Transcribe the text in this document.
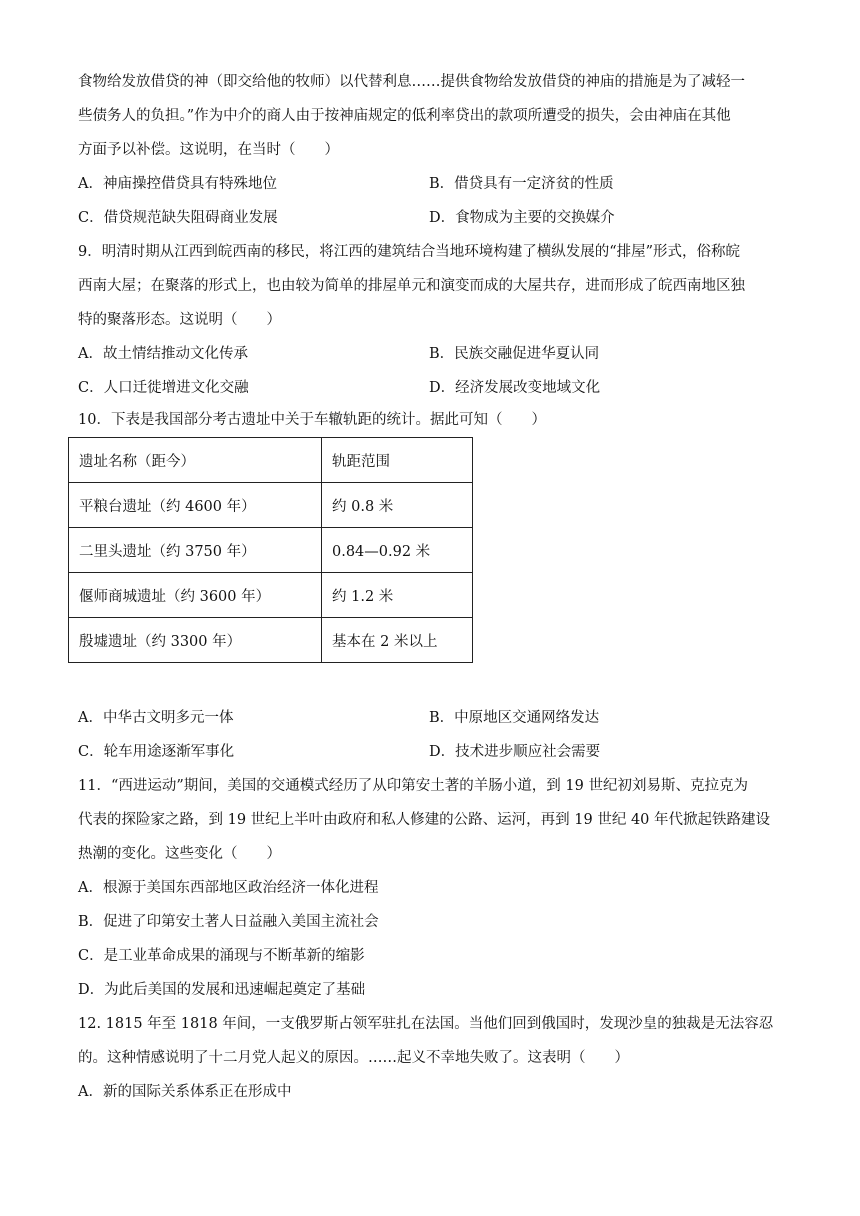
食物给发放借贷的神（即交给他的牧师）以代替利息……提供食物给发放借贷的神庙的措施是为了减轻一
些债务人的负担。”作为中介的商人由于按神庙规定的低利率贷出的款项所遭受的损失，会由神庙在其他
方面予以补偿。这说明，在当时（　　）
A．神庙操控借贷具有特殊地位	B．借贷具有一定济贫的性质
C．借贷规范缺失阻碍商业发展	D．食物成为主要的交换媒介
9．明清时期从江西到皖西南的移民，将江西的建筑结合当地环境构建了横纵发展的“排屋”形式，俗称皖
西南大屋；在聚落的形式上，也由较为简单的排屋单元和演变而成的大屋共存，进而形成了皖西南地区独
特的聚落形态。这说明（　　）
A．故土情结推动文化传承	B．民族交融促进华夏认同
C．人口迁徙增进文化交融	D．经济发展改变地域文化
10．下表是我国部分考古遗址中关于车辙轨距的统计。据此可知（　　）
遗址名称（距今）	轨距范围
平粮台遗址（约 4600 年）	约 0.8 米
二里头遗址（约 3750 年）	0.84—0.92 米
偃师商城遗址（约 3600 年）	约 1.2 米
殷墟遗址（约 3300 年）	基本在 2 米以上
A．中华古文明多元一体	B．中原地区交通网络发达
C．轮车用途逐渐军事化	D．技术进步顺应社会需要
11．“西进运动”期间，美国的交通模式经历了从印第安土著的羊肠小道，到 19 世纪初刘易斯、克拉克为
代表的探险家之路，到 19 世纪上半叶由政府和私人修建的公路、运河，再到 19 世纪 40 年代掀起铁路建设
热潮的变化。这些变化（　　）
A．根源于美国东西部地区政治经济一体化进程
B．促进了印第安土著人日益融入美国主流社会
C．是工业革命成果的涌现与不断革新的缩影
D．为此后美国的发展和迅速崛起奠定了基础
12. 1815 年至 1818 年间，一支俄罗斯占领军驻扎在法国。当他们回到俄国时，发现沙皇的独裁是无法容忍
的。这种情感说明了十二月党人起义的原因。……起义不幸地失败了。这表明（　　）
A．新的国际关系体系正在形成中
